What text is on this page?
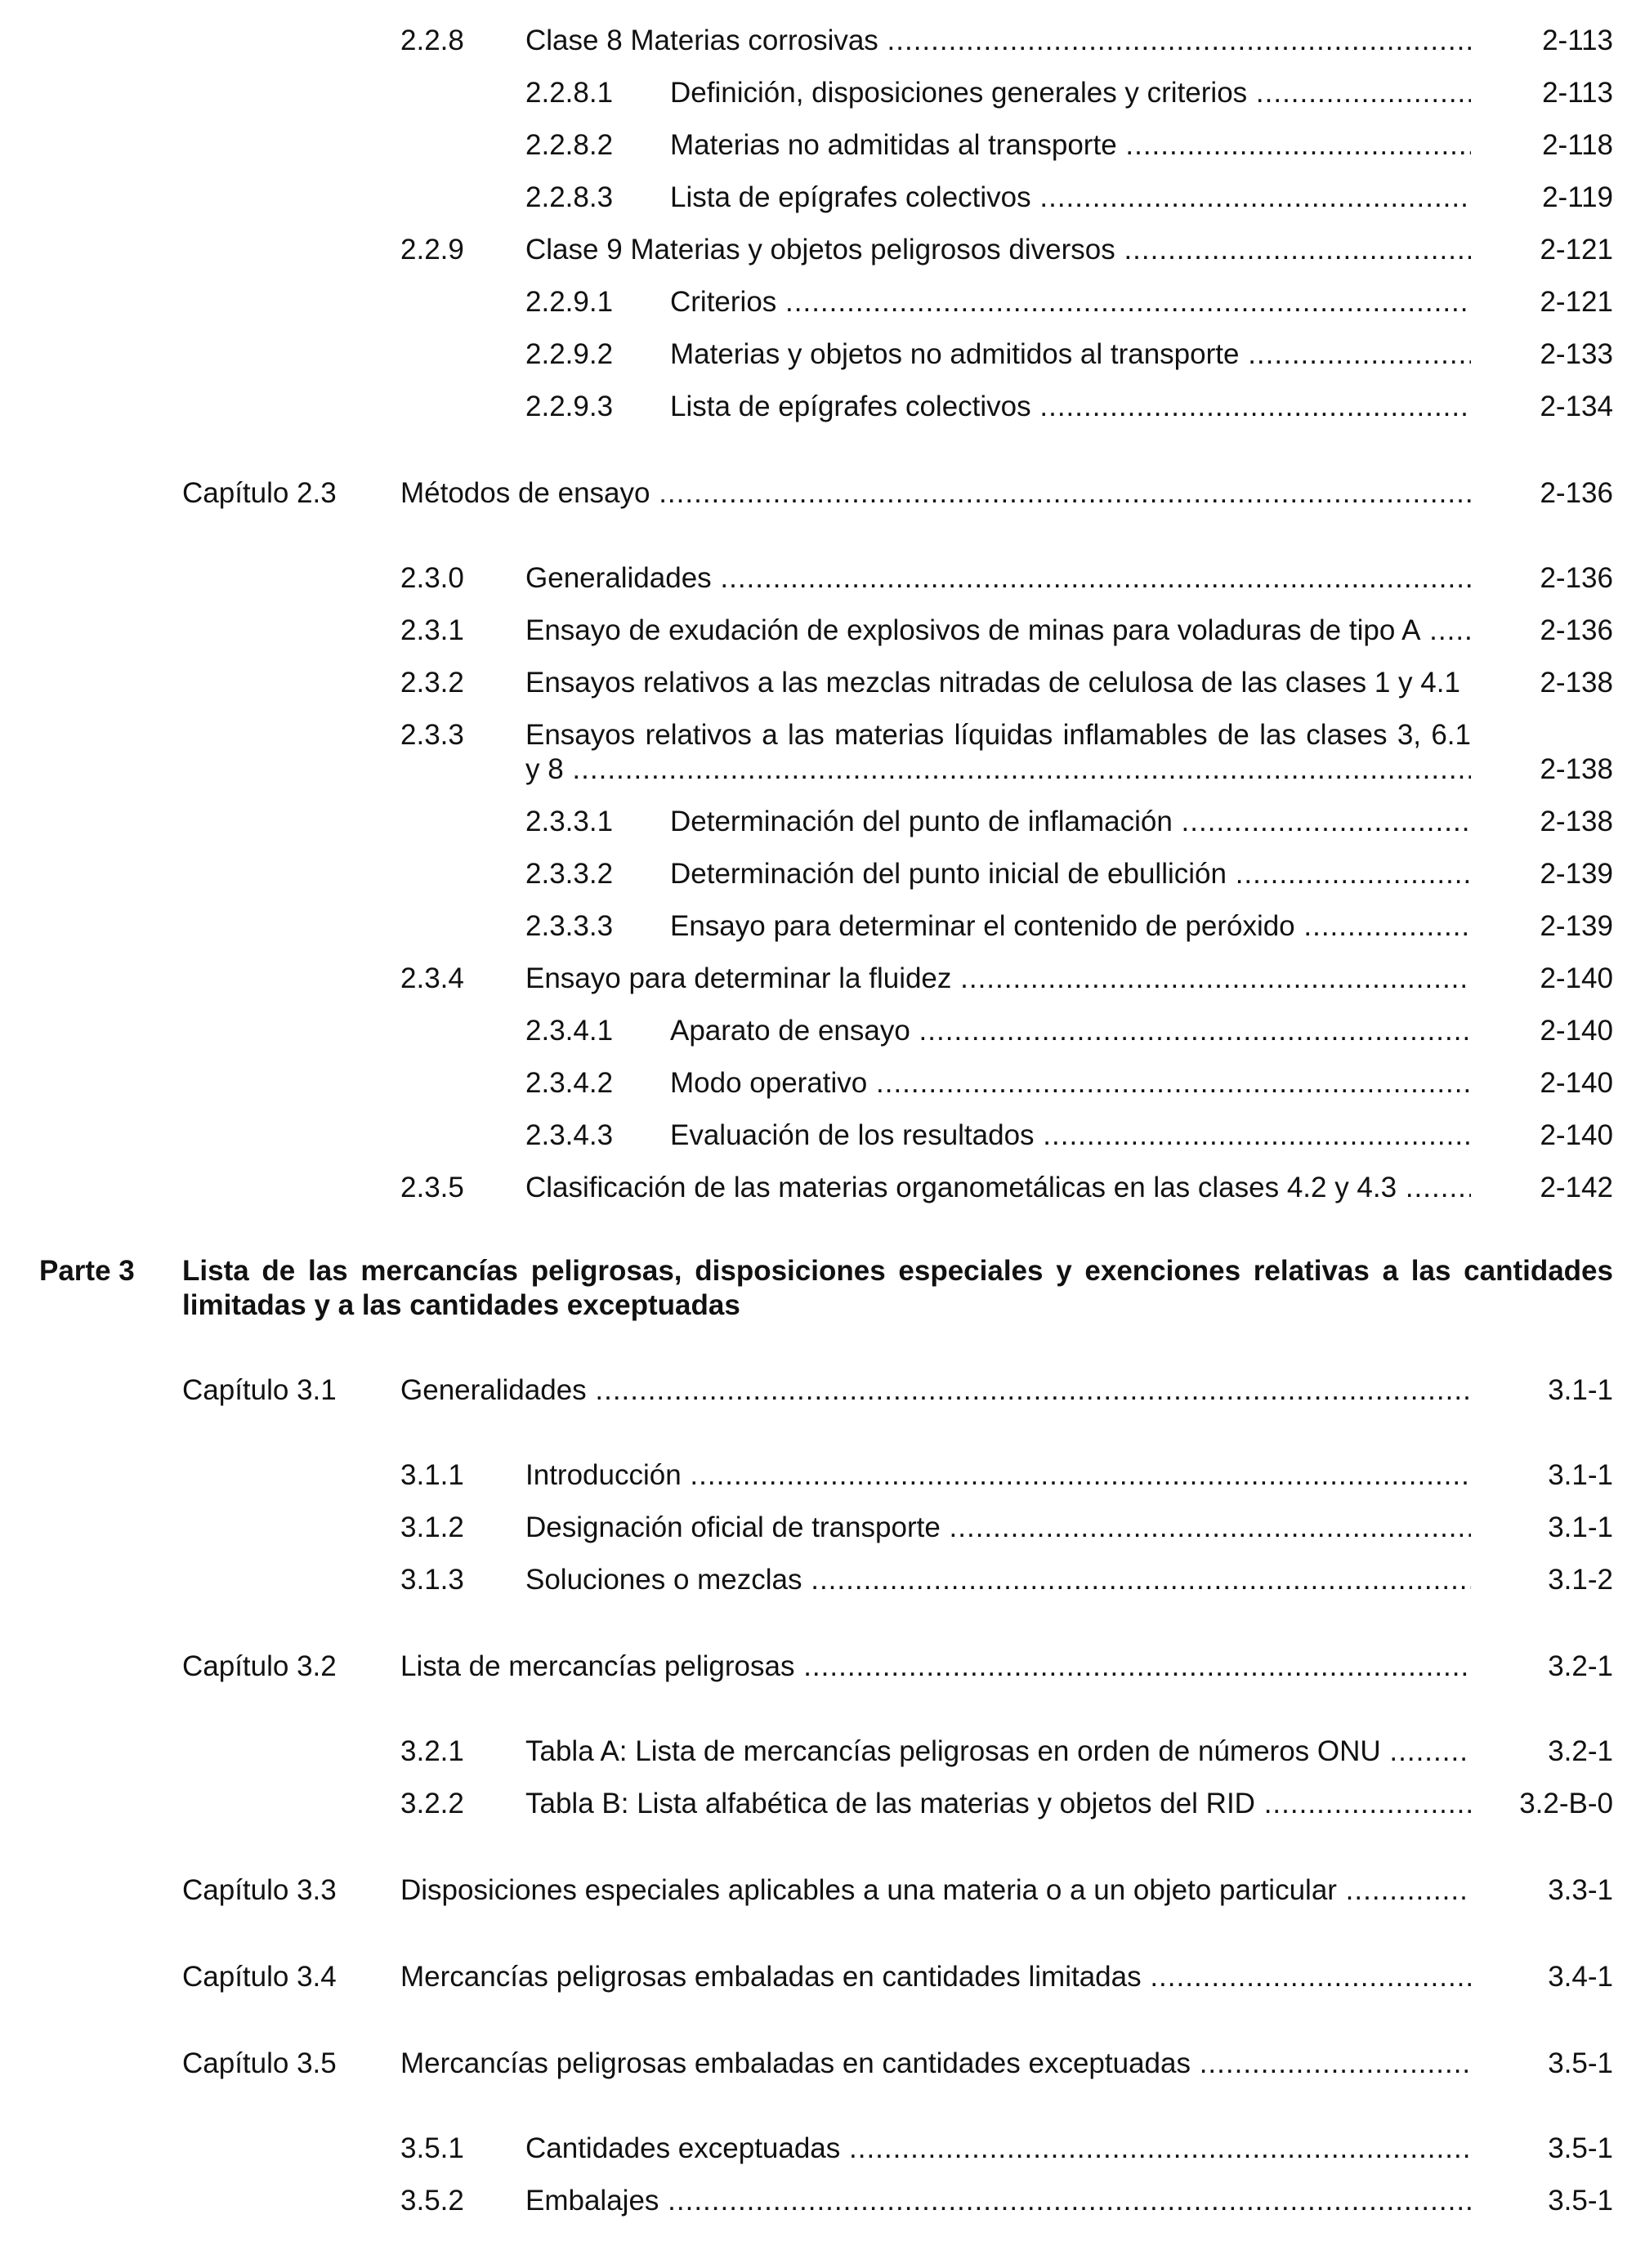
2.2.8 Clase 8 Materias corrosivas .....	2-113
2.2.8.1 Definición, disposiciones generales y criterios .....	2-113
2.2.8.2 Materias no admitidas al transporte .....	2-118
2.2.8.3 Lista de epígrafes colectivos .....	2-119
2.2.9 Clase 9 Materias y objetos peligrosos diversos .....	2-121
2.2.9.1 Criterios .....	2-121
2.2.9.2 Materias y objetos no admitidos al transporte .....	2-133
2.2.9.3 Lista de epígrafes colectivos .....	2-134
Capítulo 2.3 Métodos de ensayo .....	2-136
2.3.0 Generalidades .....	2-136
2.3.1 Ensayo de exudación de explosivos de minas para voladuras de tipo A .....	2-136
2.3.2 Ensayos relativos a las mezclas nitradas de celulosa de las clases 1 y 4.1 .....	2-138
2.3.3 Ensayos relativos a las materias líquidas inflamables de las clases 3, 6.1
y 8 .....	2-138
2.3.3.1 Determinación del punto de inflamación .....	2-138
2.3.3.2 Determinación del punto inicial de ebullición .....	2-139
2.3.3.3 Ensayo para determinar el contenido de peróxido .....	2-139
2.3.4 Ensayo para determinar la fluidez .....	2-140
2.3.4.1 Aparato de ensayo .....	2-140
2.3.4.2 Modo operativo .....	2-140
2.3.4.3 Evaluación de los resultados .....	2-140
2.3.5 Clasificación de las materias organometálicas en las clases 4.2 y 4.3 .....	2-142
Parte 3 Lista de las mercancías peligrosas, disposiciones especiales y exenciones relativas a las cantidades
limitadas y a las cantidades exceptuadas
Capítulo 3.1 Generalidades .....	3.1-1
3.1.1 Introducción .....	3.1-1
3.1.2 Designación oficial de transporte .....	3.1-1
3.1.3 Soluciones o mezclas .....	3.1-2
Capítulo 3.2 Lista de mercancías peligrosas .....	3.2-1
3.2.1 Tabla A: Lista de mercancías peligrosas en orden de números ONU .....	3.2-1
3.2.2 Tabla B: Lista alfabética de las materias y objetos del RID .....	3.2-B-0
Capítulo 3.3 Disposiciones especiales aplicables a una materia o a un objeto particular .....	3.3-1
Capítulo 3.4 Mercancías peligrosas embaladas en cantidades limitadas .....	3.4-1
Capítulo 3.5 Mercancías peligrosas embaladas en cantidades exceptuadas .....	3.5-1
3.5.1 Cantidades exceptuadas .....	3.5-1
3.5.2 Embalajes .....	3.5-1
